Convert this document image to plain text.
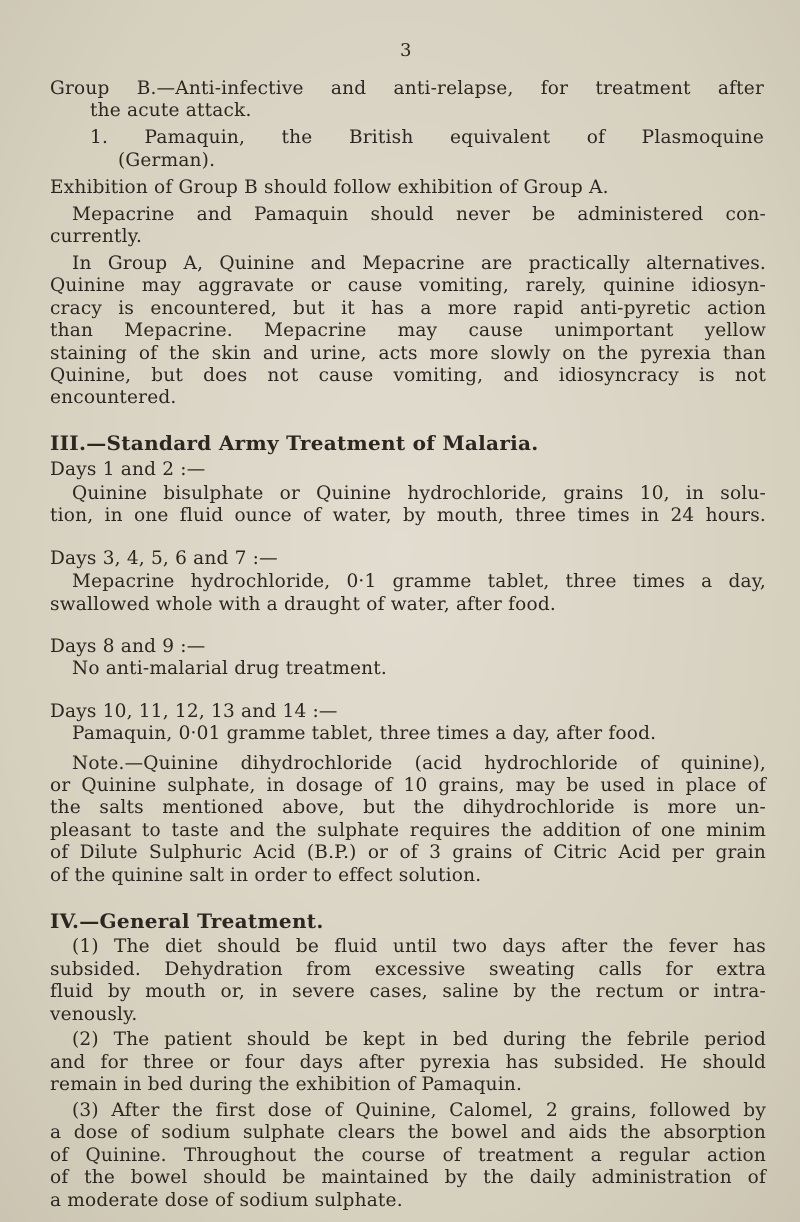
3
Group B.—Anti-infective and anti-relapse, for treatment after
the acute attack.
1. Pamaquin, the British equivalent of Plasmoquine
(German).
Exhibition of Group B should follow exhibition of Group A.
Mepacrine and Pamaquin should never be administered con-
currently.
In Group A, Quinine and Mepacrine are practically alternatives.
Quinine may aggravate or cause vomiting, rarely, quinine idiosyn-
cracy is encountered, but it has a more rapid anti-pyretic action
than Mepacrine. Mepacrine may cause unimportant yellow
staining of the skin and urine, acts more slowly on the pyrexia than
Quinine, but does not cause vomiting, and idiosyncracy is not
encountered.
III.—Standard Army Treatment of Malaria.
Days 1 and 2 :—
Quinine bisulphate or Quinine hydrochloride, grains 10, in solu-
tion, in one fluid ounce of water, by mouth, three times in 24 hours.
Days 3, 4, 5, 6 and 7 :—
Mepacrine hydrochloride, 0·1 gramme tablet, three times a day,
swallowed whole with a draught of water, after food.
Days 8 and 9 :—
No anti-malarial drug treatment.
Days 10, 11, 12, 13 and 14 :—
Pamaquin, 0·01 gramme tablet, three times a day, after food.
Note.—Quinine dihydrochloride (acid hydrochloride of quinine),
or Quinine sulphate, in dosage of 10 grains, may be used in place of
the salts mentioned above, but the dihydrochloride is more un-
pleasant to taste and the sulphate requires the addition of one minim
of Dilute Sulphuric Acid (B.P.) or of 3 grains of Citric Acid per grain
of the quinine salt in order to effect solution.
IV.—General Treatment.
(1) The diet should be fluid until two days after the fever has
subsided. Dehydration from excessive sweating calls for extra
fluid by mouth or, in severe cases, saline by the rectum or intra-
venously.
(2) The patient should be kept in bed during the febrile period
and for three or four days after pyrexia has subsided. He should
remain in bed during the exhibition of Pamaquin.
(3) After the first dose of Quinine, Calomel, 2 grains, followed by
a dose of sodium sulphate clears the bowel and aids the absorption
of Quinine. Throughout the course of treatment a regular action
of the bowel should be maintained by the daily administration of
a moderate dose of sodium sulphate.
